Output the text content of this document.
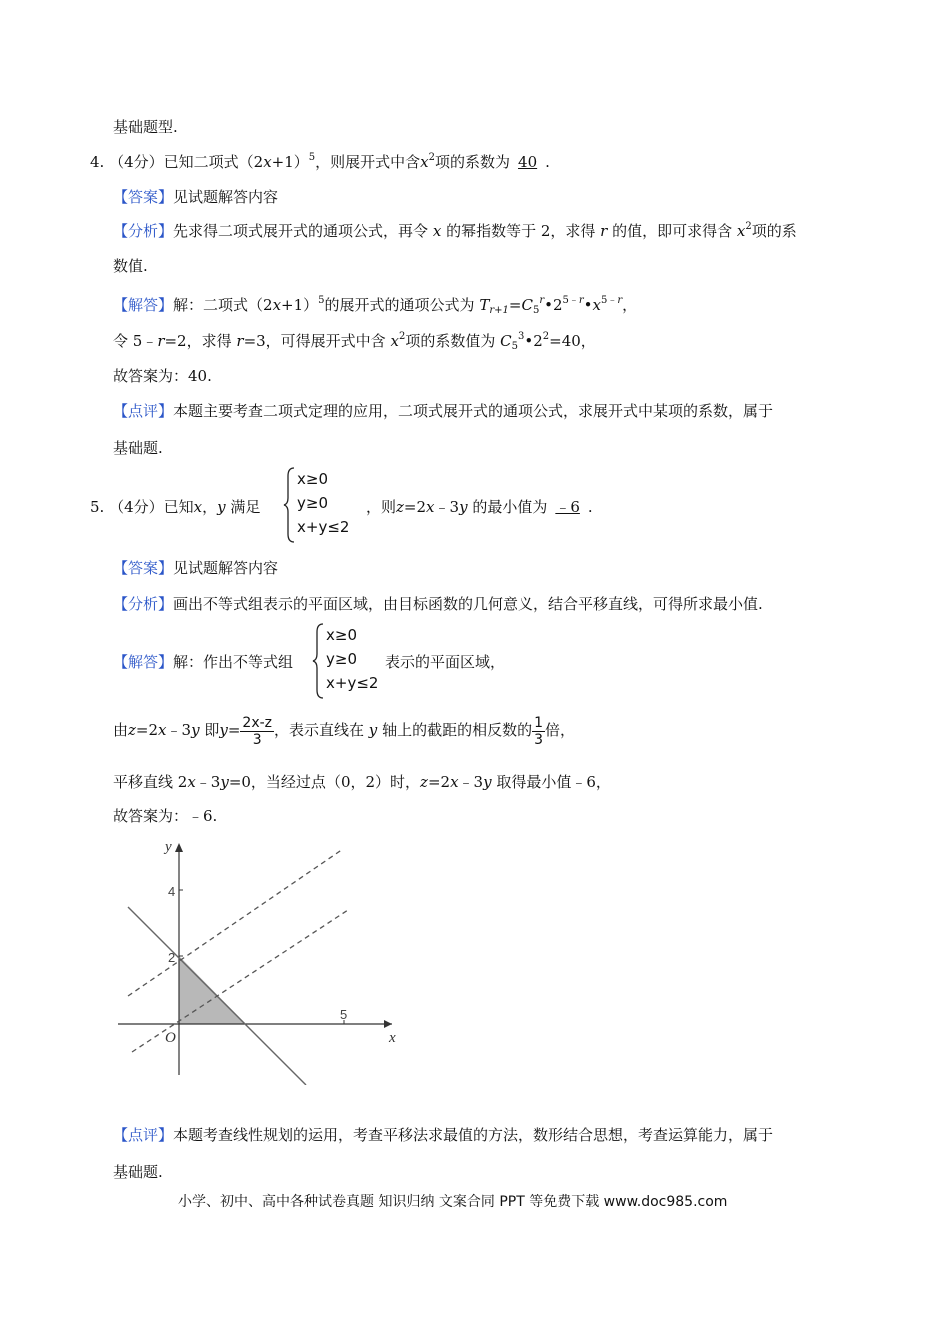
基础题型.
4. （4分）已知二项式$(2x+1)^5$，则展开式中含$x^2$项的系数为 40 .
【答案】见试题解答内容
【分析】先求得二项式展开式的通项公式，再令 x 的幂指数等于 2，求得 r 的值，即可求得含 $x^2$项的系
数值.
【解答】解：二项式$(2x+1)^5$的展开式的通项公式为 $T_{r+1}=C_5^r•2^{5﹣r}•x^{5﹣r}$，
令 5﹣r=2，求得 r=3，可得展开式中含 $x^2$项的系数值为 $C_5^3•2^2=40$，
故答案为：40.
【点评】本题主要考查二项式定理的应用，二项式展开式的通项公式，求展开式中某项的系数，属于
基础题.
5. （4分）已知x，y 满足
x≥0
y≥0
x+y≤2
，则z=2x﹣3y 的最小值为 ﹣6 .
【答案】见试题解答内容
【分析】画出不等式组表示的平面区域，由目标函数的几何意义，结合平移直线，可得所求最小值.
【解答】解：作出不等式组
x≥0
y≥0
x+y≤2
表示的平面区域，
由z=2x﹣3y 即$y= \frac{2x-z}{3}$ ，表示直线在 y 轴上的截距的相反数的 $\frac{1}{3}$ 倍，
平移直线 2x﹣3y=0，当经过点（0，2）时，z=2x﹣3y 取得最小值﹣6，
故答案为：﹣6.
y
x
O
4
2
5
【点评】本题考查线性规划的运用，考查平移法求最值的方法，数形结合思想，考查运算能力，属于
基础题.
小学、初中、高中各种试卷真题 知识归纳 文案合同 PPT 等免费下载 www.doc985.com
